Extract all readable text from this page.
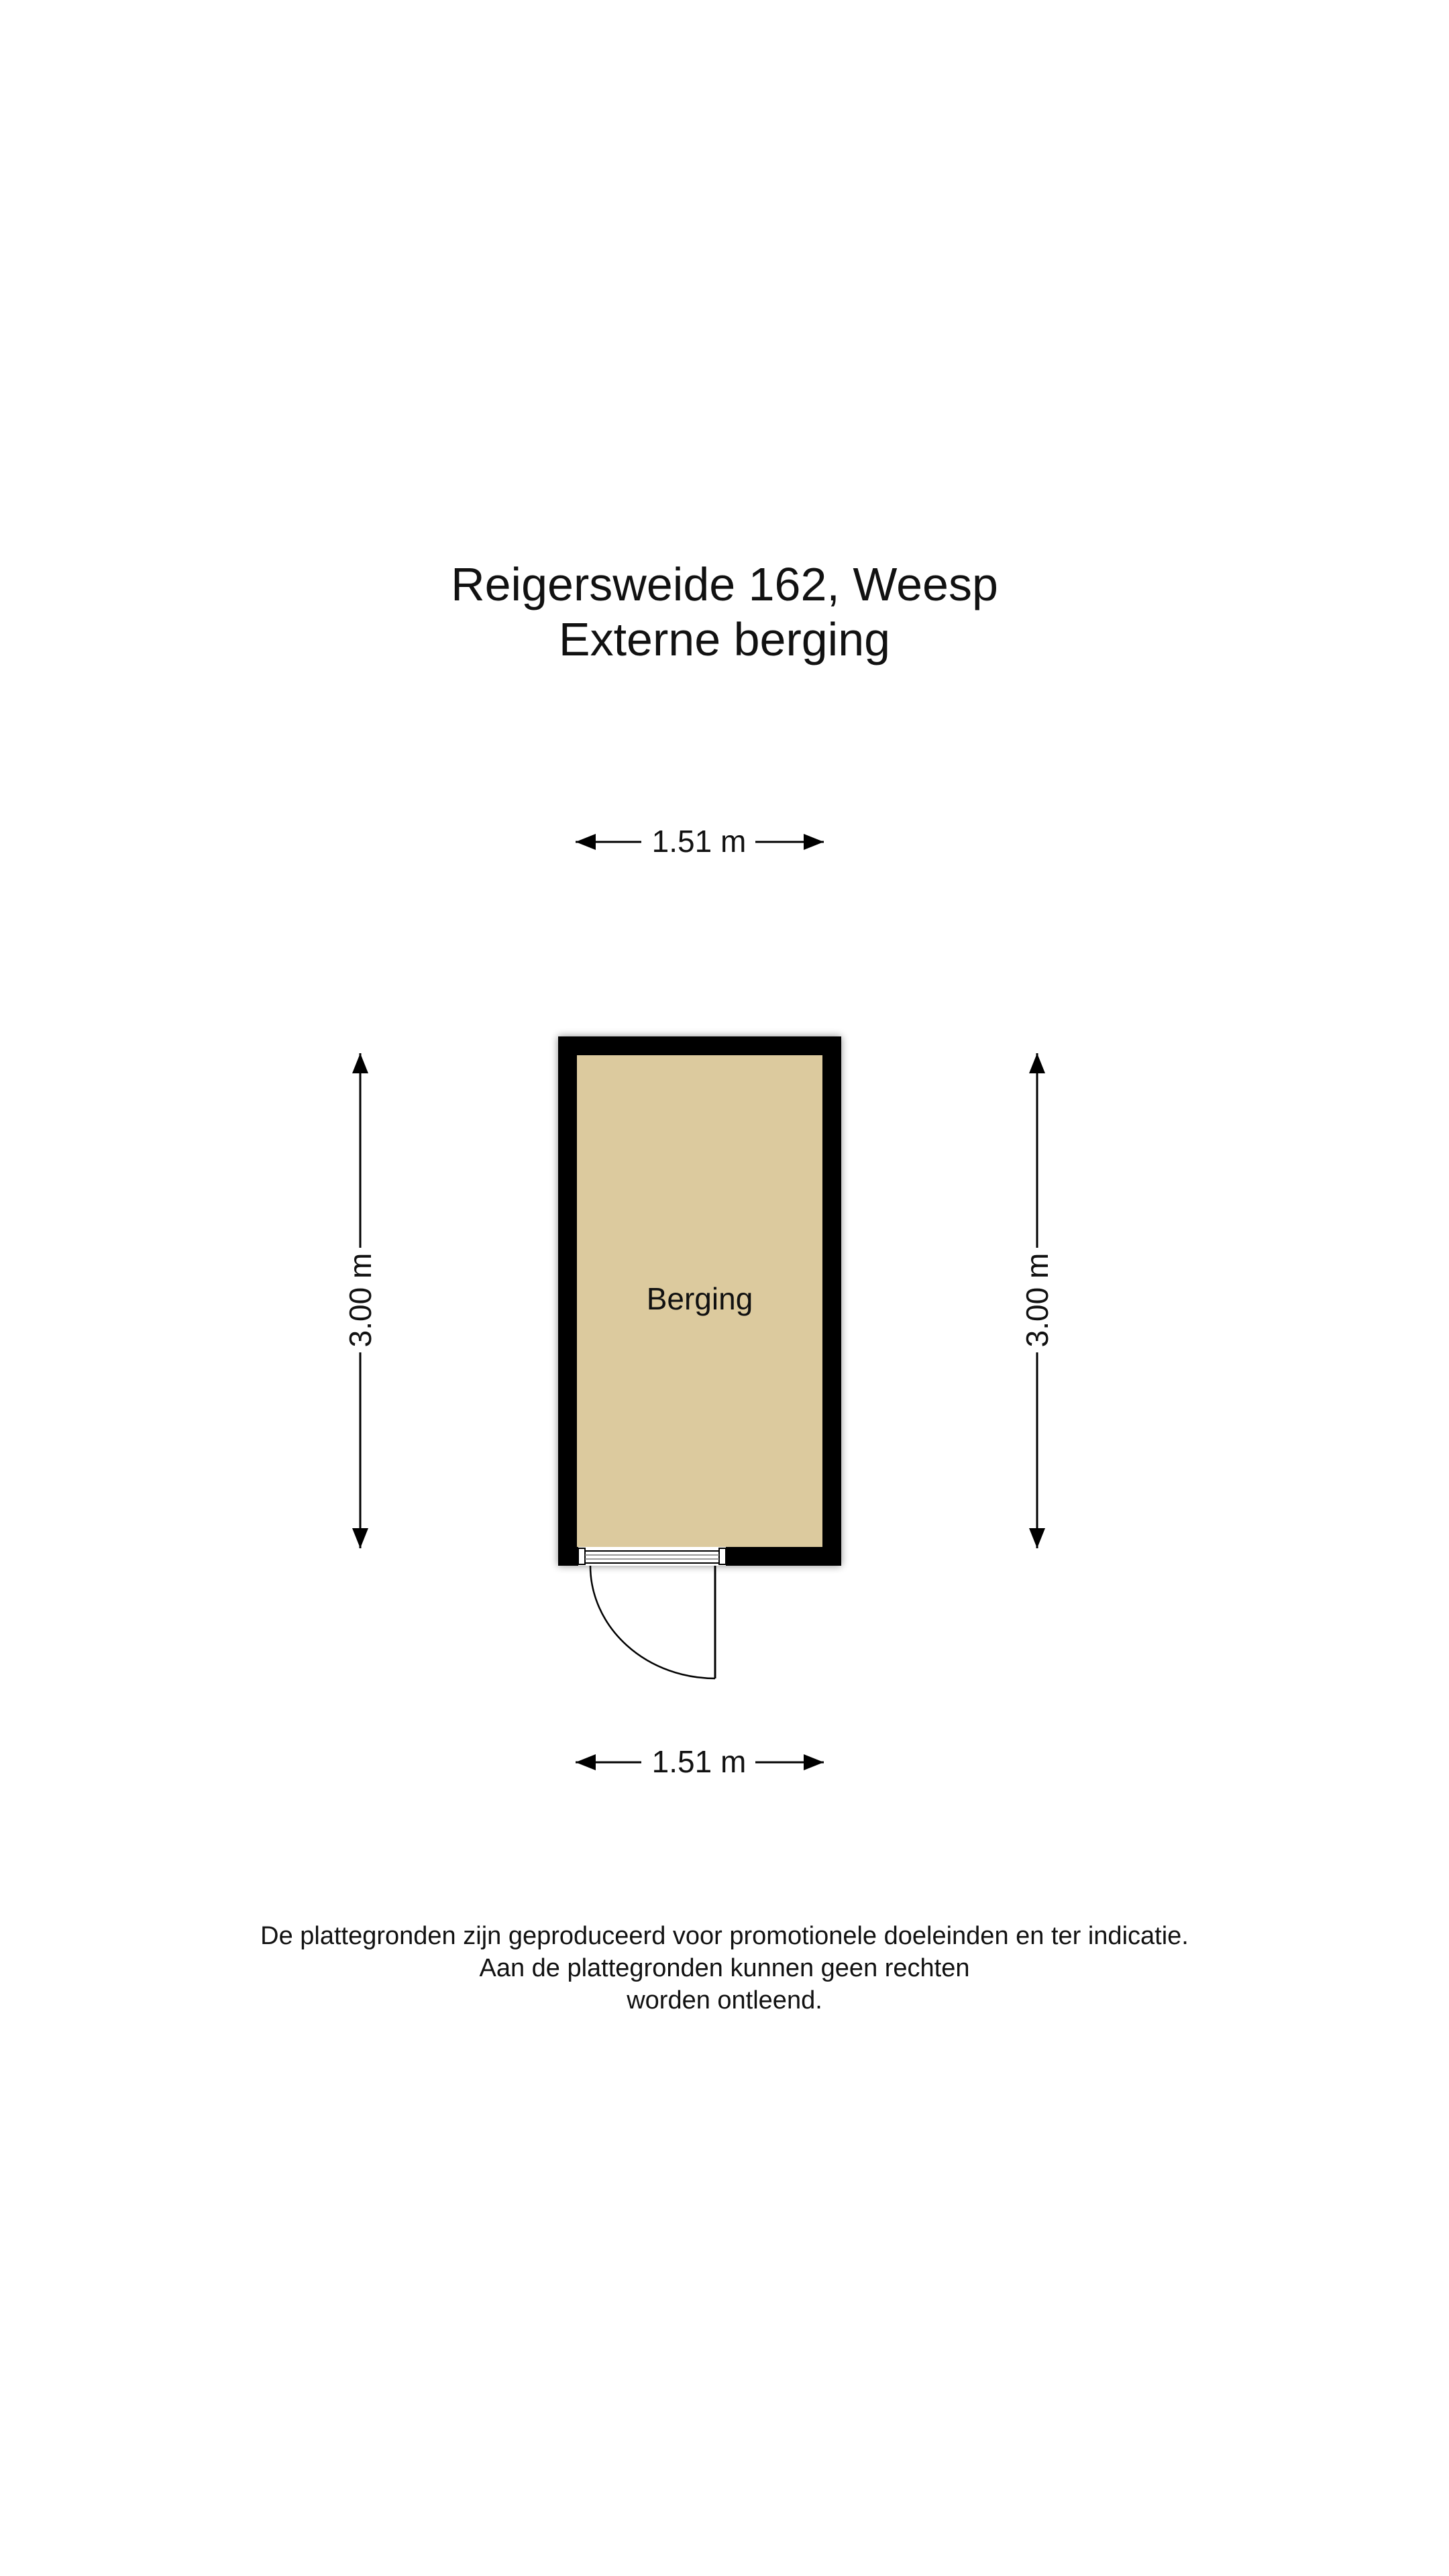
Reigersweide 162, Weesp
Externe berging
1.51 m
1.51 m
3.00 m	3.00 m
Berging
De plattegronden zijn geproduceerd voor promotionele doeleinden en ter indicatie.
Aan de plattegronden kunnen geen rechten
worden ontleend.
